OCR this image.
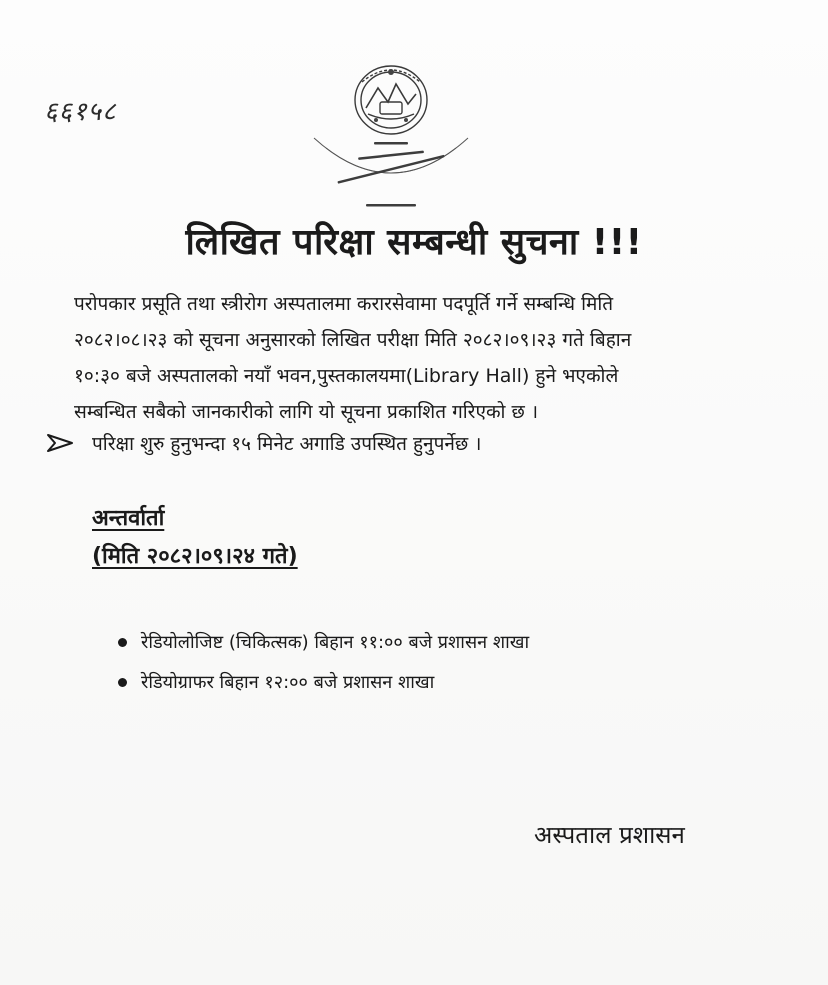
६६१५८
लिखित परिक्षा सम्बन्धी सुचना !!!
परोपकार प्रसूति तथा स्त्रीरोग अस्पतालमा करारसेवामा पदपूर्ति गर्ने सम्बन्धि मिति
२०८२।०८।२३ को सूचना अनुसारको लिखित परीक्षा मिति २०८२।०९।२३ गते बिहान
१०:३० बजे अस्पतालको नयाँ भवन,पुस्तकालयमा(Library Hall) हुने भएकोले
सम्बन्धित सबैको जानकारीको लागि यो सूचना प्रकाशित गरिएको छ ।
परिक्षा शुरु हुनुभन्दा १५ मिनेट अगाडि उपस्थित हुनुपर्नेछ ।
अन्तर्वार्ता
(मिति २०८२।०९।२४ गते)
रेडियोलोजिष्ट (चिकित्सक) बिहान ११:०० बजे प्रशासन शाखा
रेडियोग्राफर बिहान १२:०० बजे प्रशासन शाखा
अस्पताल प्रशासन
